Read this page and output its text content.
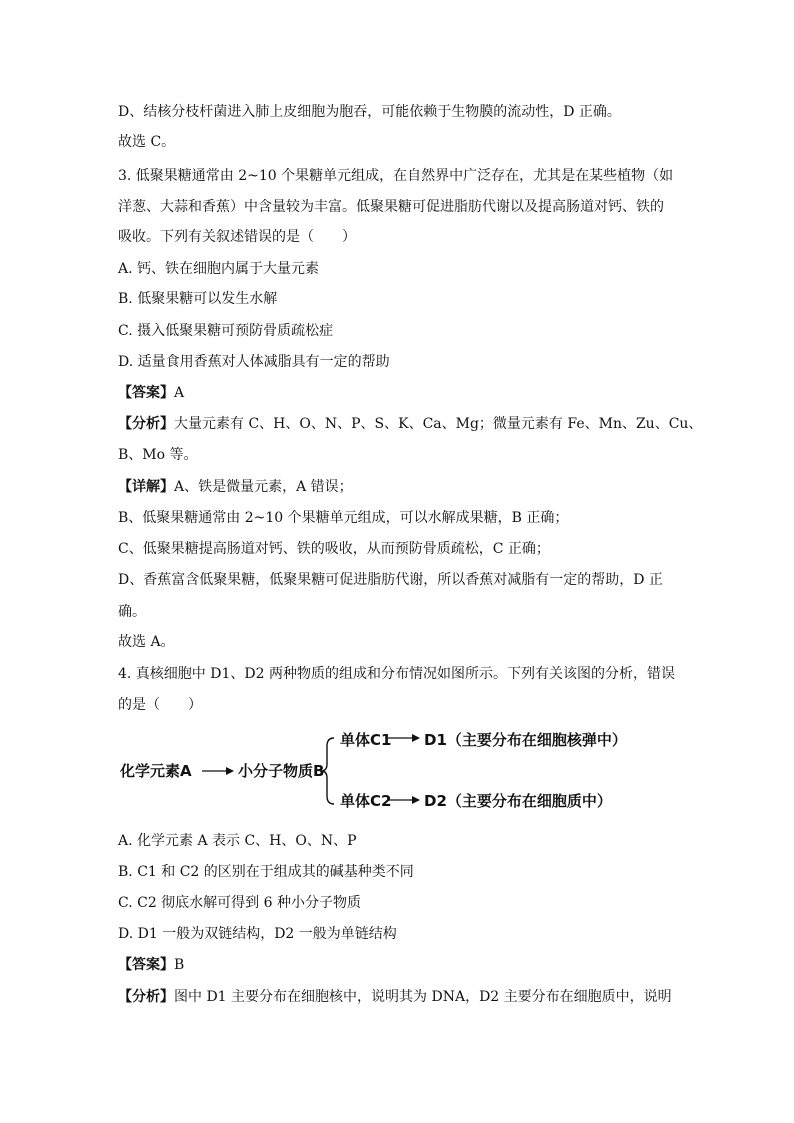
D、结核分枝杆菌进入肺上皮细胞为胞吞，可能依赖于生物膜的流动性，D 正确。
故选 C。
3. 低聚果糖通常由 2~10 个果糖单元组成，在自然界中广泛存在，尤其是在某些植物（如
洋葱、大蒜和香蕉）中含量较为丰富。低聚果糖可促进脂肪代谢以及提高肠道对钙、铁的
吸收。下列有关叙述错误的是（　　）
A. 钙、铁在细胞内属于大量元素
B. 低聚果糖可以发生水解
C. 摄入低聚果糖可预防骨质疏松症
D. 适量食用香蕉对人体减脂具有一定的帮助
【答案】A
【分析】大量元素有 C、H、O、N、P、S、K、Ca、Mg；微量元素有 Fe、Mn、Zu、Cu、
B、Mo 等。
【详解】A、铁是微量元素，A 错误；
B、低聚果糖通常由 2~10 个果糖单元组成，可以水解成果糖，B 正确；
C、低聚果糖提高肠道对钙、铁的吸收，从而预防骨质疏松，C 正确；
D、香蕉富含低聚果糖，低聚果糖可促进脂肪代谢，所以香蕉对减脂有一定的帮助，D 正
确。
故选 A。
4. 真核细胞中 D1、D2 两种物质的组成和分布情况如图所示。下列有关该图的分析，错误
的是（　　）
化学元素A	小分子物质B
单体C1 D1（主要分布在细胞核弹中）
单体C2 D2（主要分布在细胞质中）
A. 化学元素 A 表示 C、H、O、N、P
B. C1 和 C2 的区别在于组成其的碱基种类不同
C. C2 彻底水解可得到 6 种小分子物质
D. D1 一般为双链结构，D2 一般为单链结构
【答案】B
【分析】图中 D1 主要分布在细胞核中，说明其为 DNA，D2 主要分布在细胞质中，说明
